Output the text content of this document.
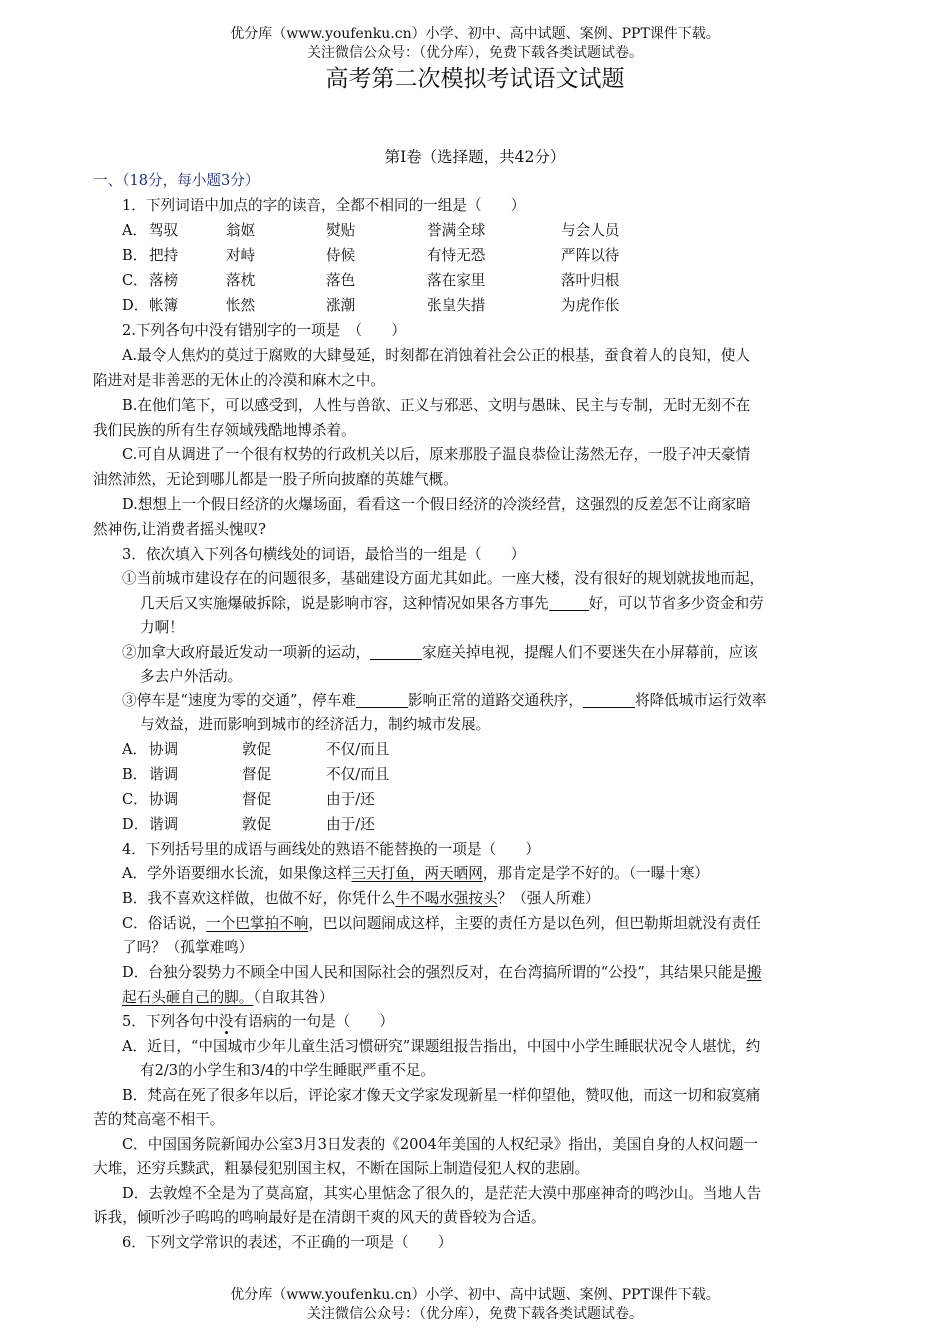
优分库（www.youfenku.cn）小学、初中、高中试题、案例、PPT课件下载。
关注微信公众号：（优分库），免费下载各类试题试卷。
高考第二次模拟考试语文试题
第Ⅰ卷（选择题，共42分）
一、（18分，每小题3分）
1．下列词语中加点的字的读音，全都不相同的一组是（　　）
A． 驾驭	翁妪	熨贴	誉满全球	与会人员
B． 把持	对峙	侍候	有恃无恐	严阵以待
C． 落榜	落枕	落色	落在家里	落叶归根
D． 帐簿	怅然	涨潮	张皇失措	为虎作伥
2.下列各句中没有错别字的一项是　（　　）
A.最令人焦灼的莫过于腐败的大肆曼延，时刻都在消蚀着社会公正的根基，蚕食着人的良知，使人
陷进对是非善恶的无休止的冷漠和麻木之中。
B.在他们笔下，可以感受到，人性与兽欲、正义与邪恶、文明与愚昧、民主与专制，无时无刻不在
我们民族的所有生存领域残酷地博杀着。
C.可自从调进了一个很有权势的行政机关以后，原来那股子温良恭俭让荡然无存，一股子冲天豪情
油然沛然，无论到哪儿都是一股子所向披靡的英雄气概。
D.想想上一个假日经济的火爆场面，看看这一个假日经济的冷淡经营，这强烈的反差怎不让商家暗
然神伤,让消费者摇头愧叹?
3．依次填入下列各句横线处的词语，最恰当的一组是（　　）
①当前城市建设存在的问题很多，基础建设方面尤其如此。一座大楼，没有很好的规划就拔地而起，
几天后又实施爆破拆除，说是影响市容，这种情况如果各方事先	好，可以节省多少资金和劳
力啊！
②加拿大政府最近发动一项新的运动，	家庭关掉电视，提醒人们不要迷失在小屏幕前，应该
多去户外活动。
③停车是“速度为零的交通”，停车难	影响正常的道路交通秩序，	将降低城市运行效率
与效益，进而影响到城市的经济活力，制约城市发展。
A． 协调	敦促	不仅/而且
B． 谐调	督促	不仅/而且
C． 协调	督促	由于/还
D． 谐调	敦促	由于/还
4．下列括号里的成语与画线处的熟语不能替换的一项是（　　）
A．学外语要细水长流，如果像这样三天打鱼，两天晒网，那肯定是学不好的。（一曝十寒）
B．我不喜欢这样做，也做不好，你凭什么牛不喝水强按头？（强人所难）
C．俗话说，一个巴掌拍不响，巴以问题闹成这样，主要的责任方是以色列，但巴勒斯坦就没有责任
了吗？（孤掌难鸣）
D．台独分裂势力不顾全中国人民和国际社会的强烈反对，在台湾搞所谓的“公投”，其结果只能是搬
起石头砸自己的脚。（自取其咎）
5．下列各句中没有语病的一句是（　　）
A．近日，“中国城市少年儿童生活习惯研究”课题组报告指出，中国中小学生睡眠状况令人堪忧，约
有2/3的小学生和3/4的中学生睡眠严重不足。
B．梵高在死了很多年以后，评论家才像天文学家发现新星一样仰望他，赞叹他，而这一切和寂寞痛
苦的梵高毫不相干。
C．中国国务院新闻办公室3月3日发表的《2004年美国的人权纪录》指出，美国自身的人权问题一
大堆，还穷兵黩武，粗暴侵犯别国主权，不断在国际上制造侵犯人权的悲剧。
D．去敦煌不全是为了莫高窟，其实心里惦念了很久的，是茫茫大漠中那座神奇的鸣沙山。当地人告
诉我，倾听沙子呜呜的鸣响最好是在清朗干爽的风天的黄昏较为合适。
6．下列文学常识的表述，不正确的一项是（　　）
优分库（www.youfenku.cn）小学、初中、高中试题、案例、PPT课件下载。
关注微信公众号：（优分库），免费下载各类试题试卷。
